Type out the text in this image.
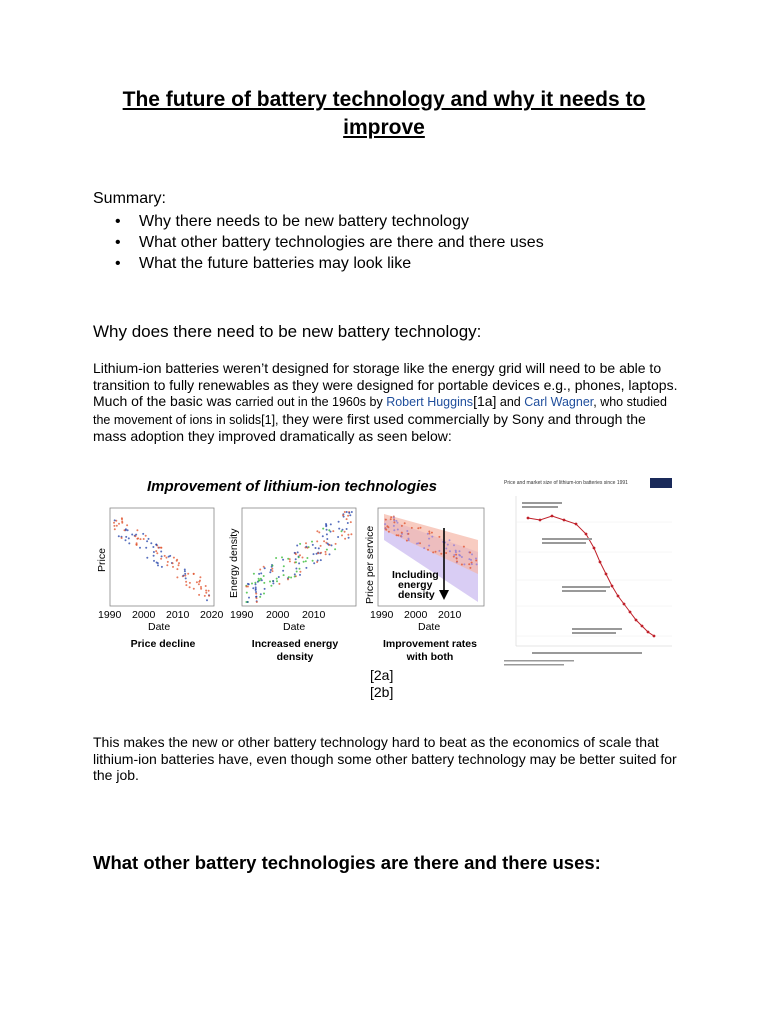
The future of battery technology and why it needs to improve
Summary:
• Why there needs to be new battery technology
• What other battery technologies are there and there uses
• What the future batteries may look like
Why does there need to be new battery technology:
Lithium-ion batteries weren’t designed for storage like the energy grid will need to be able to transition to fully renewables as they were designed for portable devices e.g., phones, laptops. Much of the basic was carried out in the 1960s by Robert Huggins[1a] and Carl Wagner, who studied the movement of ions in solids[1], they were first used commercially by Sony and through the mass adoption they improved dramatically as seen below:
Improvement of lithium-ion technologies
Price	Energy density	Price per service
1990 2000 2010 2020 1990 2000 2010	1990 2000 2010
Date	Date	Date
Including
energy
density
Price decline	Increased energy density
Improvement rates with both
Price and market size of lithium-ion batteries since 1991
[2a]
[2b]
This makes the new or other battery technology hard to beat as the economics of scale that lithium-ion batteries have, even though some other battery technology may be better suited for the job.
What other battery technologies are there and there uses:
